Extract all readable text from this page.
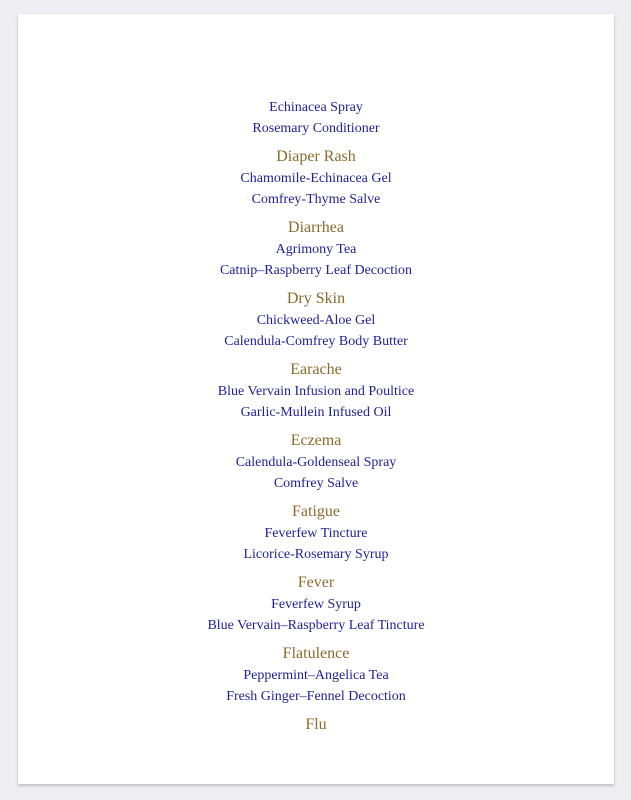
Echinacea Spray
Rosemary Conditioner
Diaper Rash
Chamomile-Echinacea Gel
Comfrey-Thyme Salve
Diarrhea
Agrimony Tea
Catnip–Raspberry Leaf Decoction
Dry Skin
Chickweed-Aloe Gel
Calendula-Comfrey Body Butter
Earache
Blue Vervain Infusion and Poultice
Garlic-Mullein Infused Oil
Eczema
Calendula-Goldenseal Spray
Comfrey Salve
Fatigue
Feverfew Tincture
Licorice-Rosemary Syrup
Fever
Feverfew Syrup
Blue Vervain–Raspberry Leaf Tincture
Flatulence
Peppermint–Angelica Tea
Fresh Ginger–Fennel Decoction
Flu
